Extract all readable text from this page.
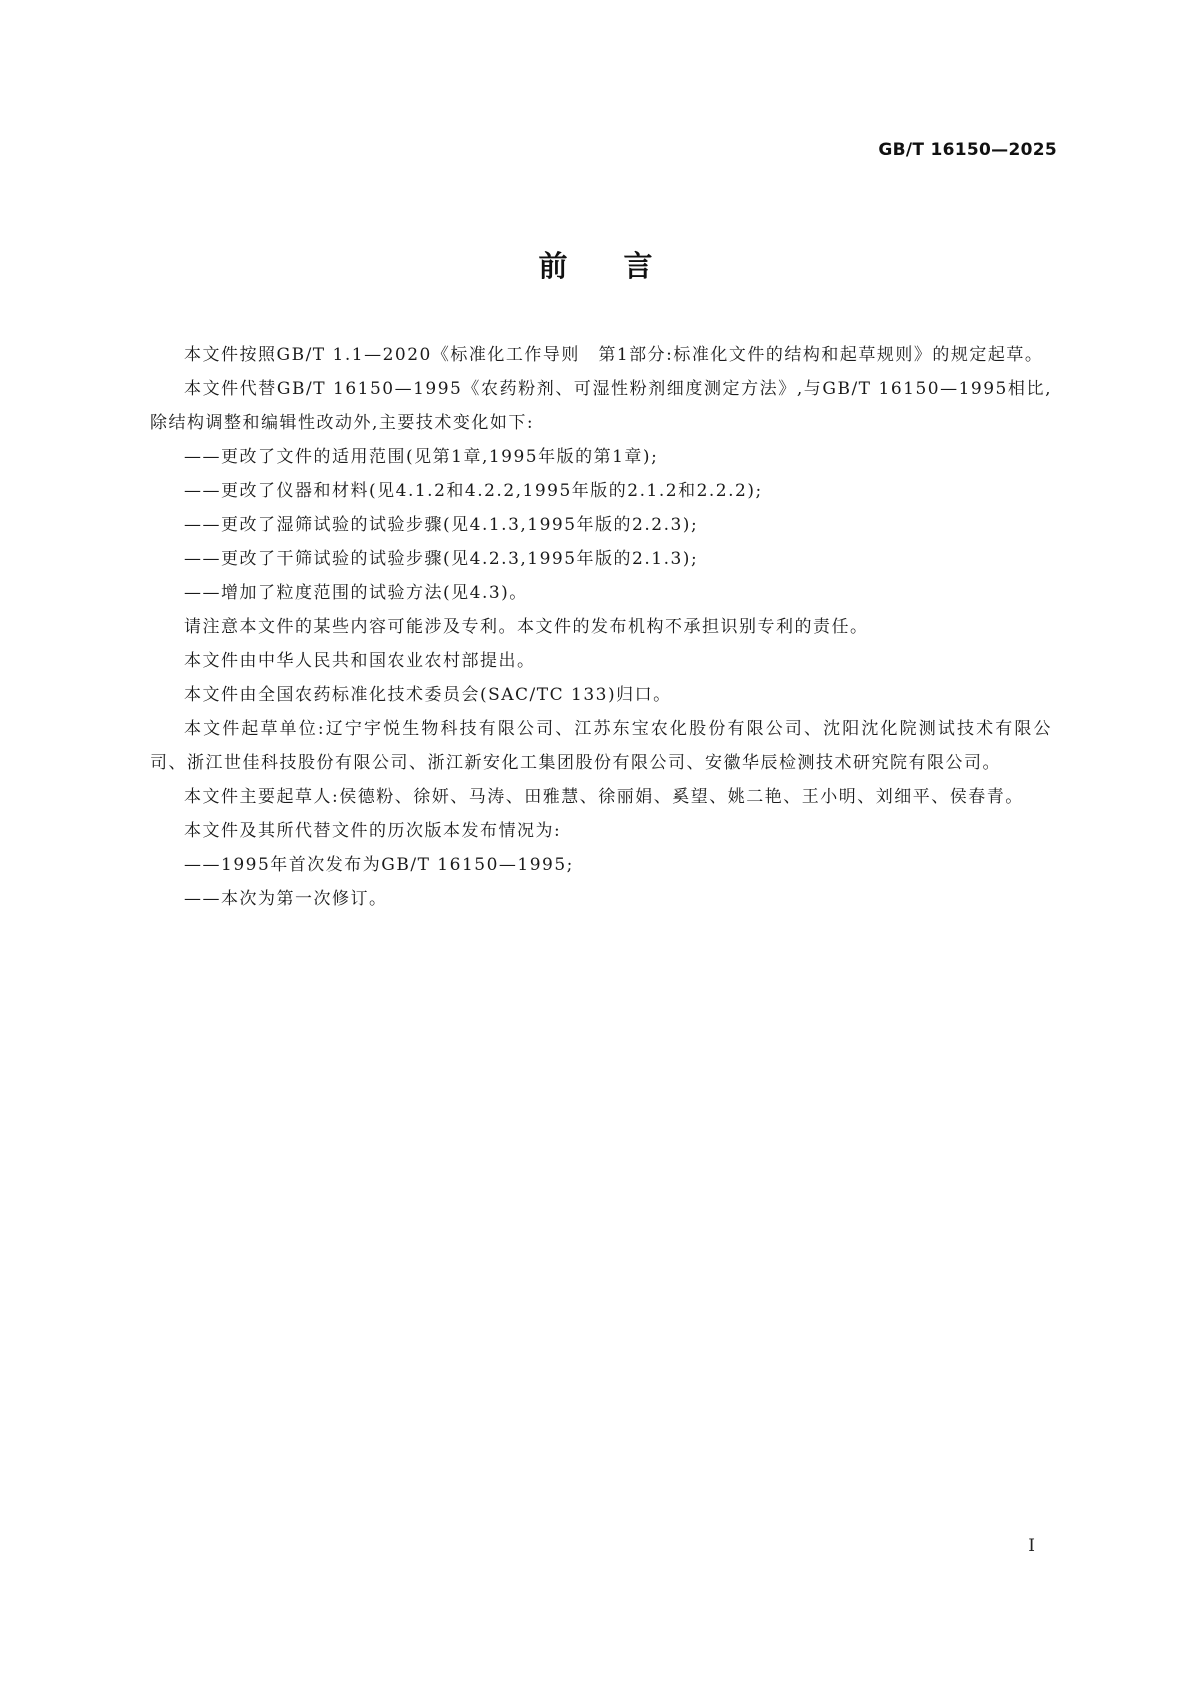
GB/T 16150—2025
前言

本文件按照GB/T 1.1—2020《标准化工作导则　第1部分:标准化文件的结构和起草规则》的规定起草。

本文件代替GB/T 16150—1995《农药粉剂、可湿性粉剂细度测定方法》,与GB/T 16150—1995相比,除结构调整和编辑性改动外,主要技术变化如下:

——更改了文件的适用范围(见第1章,1995年版的第1章);

——更改了仪器和材料(见4.1.2和4.2.2,1995年版的2.1.2和2.2.2);

——更改了湿筛试验的试验步骤(见4.1.3,1995年版的2.2.3);

——更改了干筛试验的试验步骤(见4.2.3,1995年版的2.1.3);

——增加了粒度范围的试验方法(见4.3)。

请注意本文件的某些内容可能涉及专利。本文件的发布机构不承担识别专利的责任。

本文件由中华人民共和国农业农村部提出。

本文件由全国农药标准化技术委员会(SAC/TC 133)归口。

本文件起草单位:辽宁宇悦生物科技有限公司、江苏东宝农化股份有限公司、沈阳沈化院测试技术有限公司、浙江世佳科技股份有限公司、浙江新安化工集团股份有限公司、安徽华辰检测技术研究院有限公司。

本文件主要起草人:侯德粉、徐妍、马涛、田雅慧、徐丽娟、奚望、姚二艳、王小明、刘细平、侯春青。

本文件及其所代替文件的历次版本发布情况为:

——1995年首次发布为GB/T 16150—1995;

——本次为第一次修订。

I
